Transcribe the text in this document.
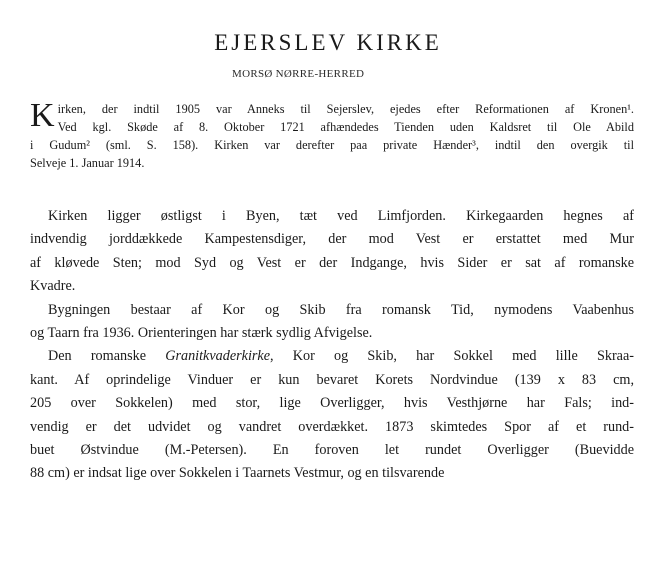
EJERSLEV KIRKE
MORSØ NØRRE-HERRED
K irken, der indtil 1905 var Anneks til Sejerslev, ejedes efter Reformationen af Kronen¹.
Ved kgl. Skøde af 8. Oktober 1721 afhændedes Tienden uden Kaldsret til Ole Abild
i Gudum² (sml. S. 158). Kirken var derefter paa private Hænder³, indtil den overgik til
Selveje 1. Januar 1914.
Kirken ligger østligst i Byen, tæt ved Limfjorden. Kirkegaarden hegnes af
indvendig jorddækkede Kampestensdiger, der mod Vest er erstattet med Mur
af kløvede Sten; mod Syd og Vest er der Indgange, hvis Sider er sat af romanske
Kvadre.
Bygningen bestaar af Kor og Skib fra romansk Tid, nymodens Vaabenhus
og Taarn fra 1936. Orienteringen har stærk sydlig Afvigelse.
Den romanske Granitkvaderkirke, Kor og Skib, har Sokkel med lille Skraa-
kant. Af oprindelige Vinduer er kun bevaret Korets Nordvindue (139 x 83 cm,
205 over Sokkelen) med stor, lige Overligger, hvis Vesthjørne har Fals; ind-
vendig er det udvidet og vandret overdækket. 1873 skimtedes Spor af et rund-
buet Østvindue (M.-Petersen). En foroven let rundet Overligger (Buevidde
88 cm) er indsat lige over Sokkelen i Taarnets Vestmur, og en tilsvarende
